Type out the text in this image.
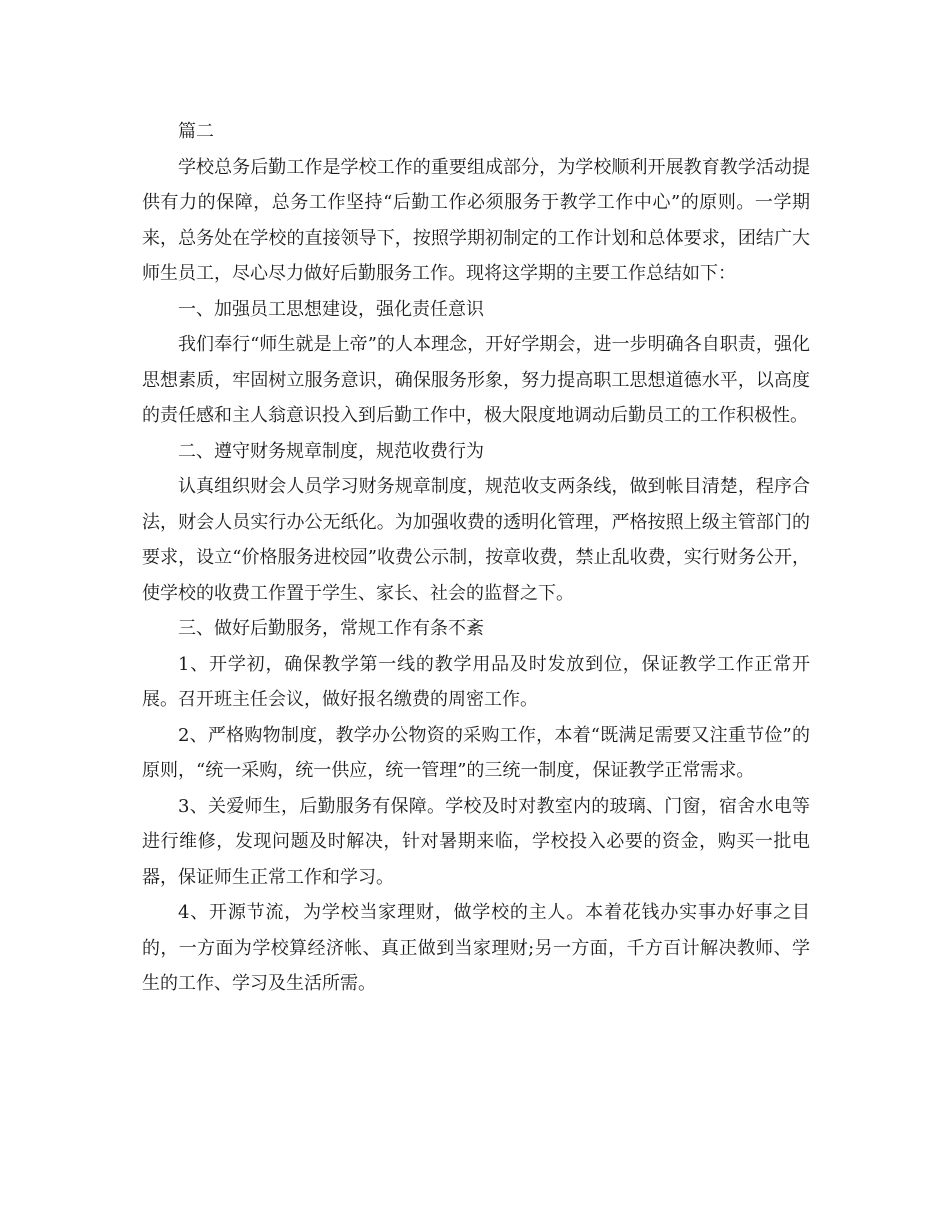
篇二

学校总务后勤工作是学校工作的重要组成部分，为学校顺利开展教育教学活动提供有力的保障，总务工作坚持“后勤工作必须服务于教学工作中心”的原则。一学期来，总务处在学校的直接领导下，按照学期初制定的工作计划和总体要求，团结广大师生员工，尽心尽力做好后勤服务工作。现将这学期的主要工作总结如下：

一、加强员工思想建设，强化责任意识

我们奉行“师生就是上帝”的人本理念，开好学期会，进一步明确各自职责，强化思想素质，牢固树立服务意识，确保服务形象，努力提高职工思想道德水平，以高度的责任感和主人翁意识投入到后勤工作中，极大限度地调动后勤员工的工作积极性。

二、遵守财务规章制度，规范收费行为

认真组织财会人员学习财务规章制度，规范收支两条线，做到帐目清楚，程序合法，财会人员实行办公无纸化。为加强收费的透明化管理，严格按照上级主管部门的要求，设立“价格服务进校园”收费公示制，按章收费，禁止乱收费，实行财务公开，使学校的收费工作置于学生、家长、社会的监督之下。

三、做好后勤服务，常规工作有条不紊

1、开学初，确保教学第一线的教学用品及时发放到位，保证教学工作正常开展。召开班主任会议，做好报名缴费的周密工作。

2、严格购物制度，教学办公物资的采购工作，本着“既满足需要又注重节俭”的原则，“统一采购，统一供应，统一管理”的三统一制度，保证教学正常需求。

3、关爱师生，后勤服务有保障。学校及时对教室内的玻璃、门窗，宿舍水电等进行维修，发现问题及时解决，针对暑期来临，学校投入必要的资金，购买一批电器，保证师生正常工作和学习。

4、开源节流，为学校当家理财，做学校的主人。本着花钱办实事办好事之目的，一方面为学校算经济帐、真正做到当家理财;另一方面，千方百计解决教师、学生的工作、学习及生活所需。
